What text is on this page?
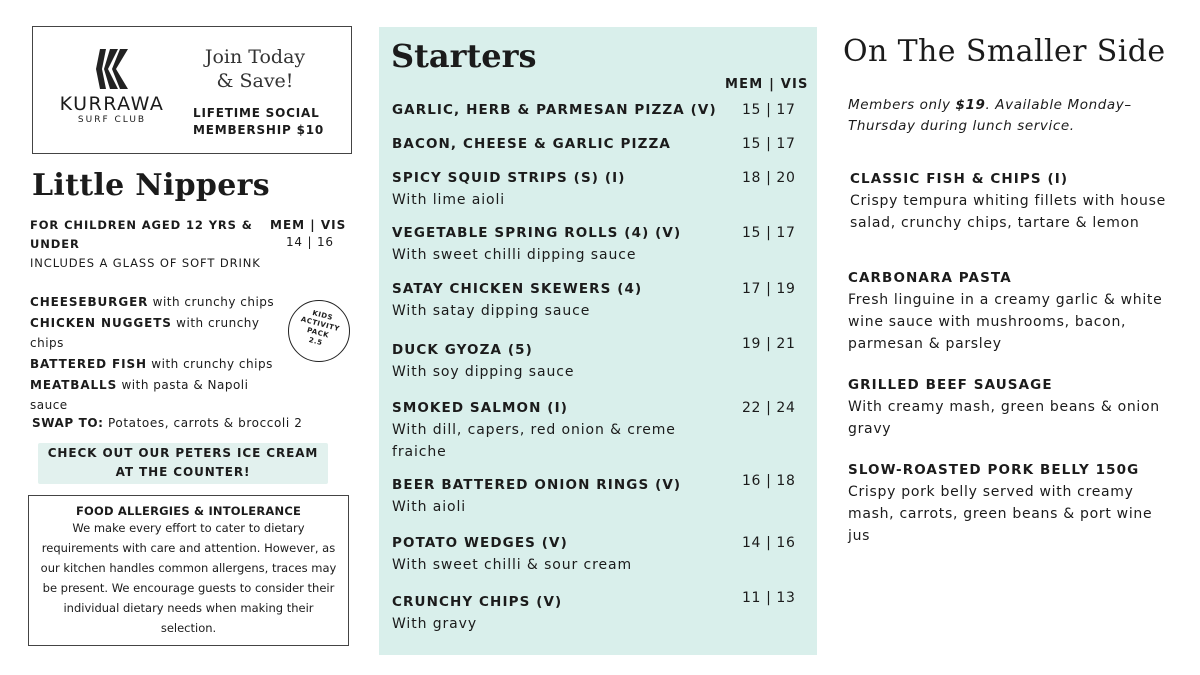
KURRAWA
SURF CLUB
Join Today
& Save!
LIFETIME SOCIAL
MEMBERSHIP $10
Little Nippers
FOR CHILDREN AGED 12 YRS & UNDER
MEM | VIS
14 | 16
INCLUDES A GLASS OF SOFT DRINK
CHEESEBURGER with crunchy chips
CHICKEN NUGGETS with crunchy chips
BATTERED FISH with crunchy chips
MEATBALLS with pasta & Napoli sauce
KIDS
ACTIVITY
PACK
2.5
SWAP TO: Potatoes, carrots & broccoli 2
CHECK OUT OUR PETERS ICE CREAM AT THE COUNTER!
FOOD ALLERGIES & INTOLERANCE
We make every effort to cater to dietary requirements with care and attention. However, as our kitchen handles common allergens, traces may be present. We encourage guests to consider their individual dietary needs when making their selection.
Starters
MEM | VIS
GARLIC, HERB & PARMESAN PIZZA (V)	15 | 17
BACON, CHEESE & GARLIC PIZZA	15 | 17
SPICY SQUID STRIPS (S) (I)
With lime aioli
18 | 20
VEGETABLE SPRING ROLLS (4) (V)
With sweet chilli dipping sauce
15 | 17
SATAY CHICKEN SKEWERS (4)
With satay dipping sauce
17 | 19
DUCK GYOZA (5)
With soy dipping sauce
19 | 21
SMOKED SALMON (I)
With dill, capers, red onion & creme fraiche
22 | 24
BEER BATTERED ONION RINGS (V)
With aioli
16 | 18
POTATO WEDGES (V)
With sweet chilli & sour cream
14 | 16
CRUNCHY CHIPS (V)
With gravy
11 | 13
On The Smaller Side
Members only $19. Available Monday–Thursday during lunch service.
CLASSIC FISH & CHIPS (I)
Crispy tempura whiting fillets with house salad, crunchy chips, tartare & lemon
CARBONARA PASTA
Fresh linguine in a creamy garlic & white wine sauce with mushrooms, bacon, parmesan & parsley
GRILLED BEEF SAUSAGE
With creamy mash, green beans & onion gravy
SLOW-ROASTED PORK BELLY 150G
Crispy pork belly served with creamy mash, carrots, green beans & port wine jus
